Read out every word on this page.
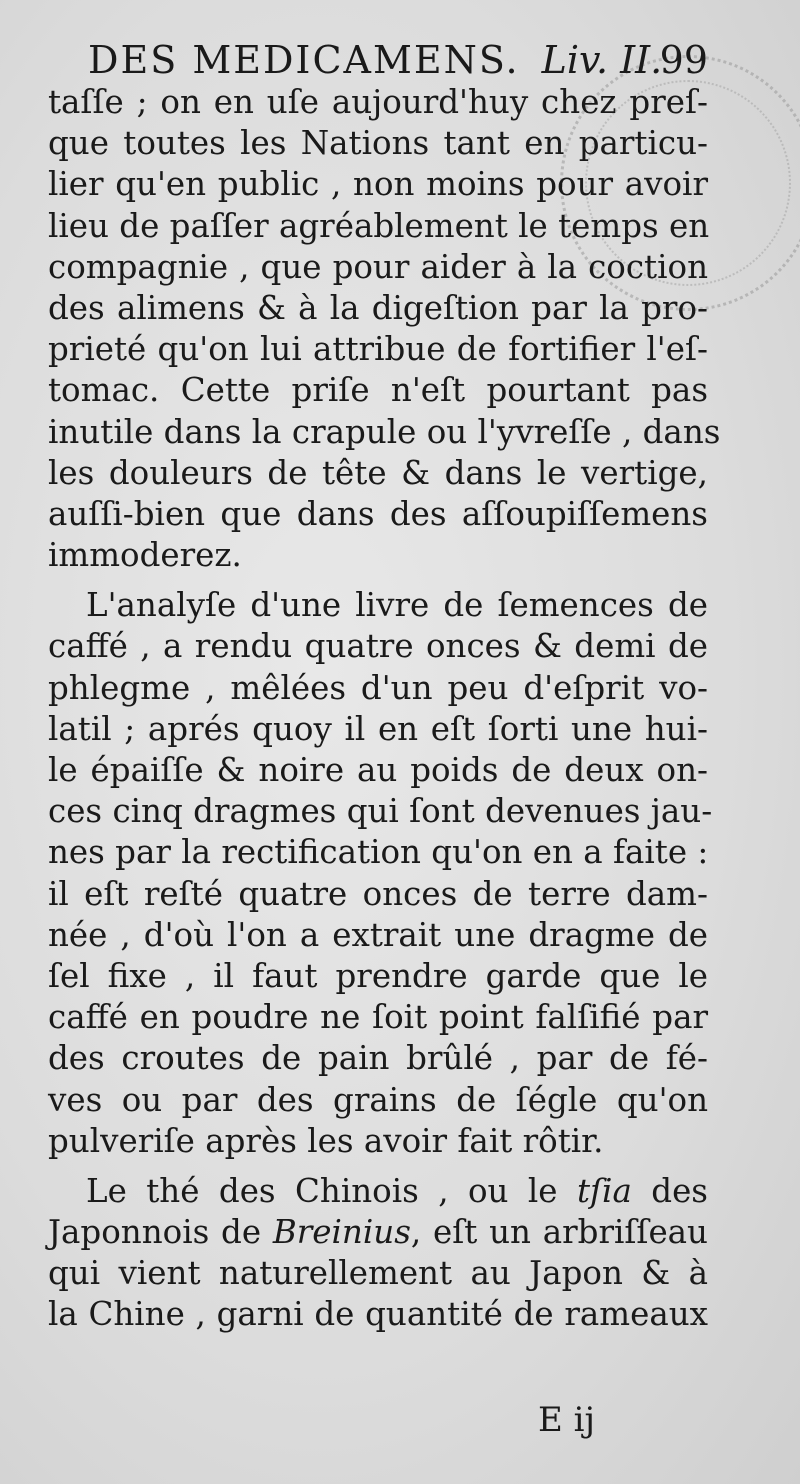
DES MEDICAMENS. Liv. II.
99
taſſe ; on en uſe aujourd'huy chez preſ-
que toutes les Nations tant en particu-
lier qu'en public , non moins pour avoir
lieu de paſſer agréablement le temps en
compagnie , que pour aider à la coction
des alimens & à la digeſtion par la pro-
prieté qu'on lui attribue de fortifier l'eſ-
tomac. Cette priſe n'eſt pourtant pas
inutile dans la crapule ou l'yvreſſe , dans
les douleurs de tête & dans le vertige,
auſſi-bien que dans des aſſoupiſſemens
immoderez.
L'analyſe d'une livre de ſemences de
caffé , a rendu quatre onces & demi de
phlegme , mêlées d'un peu d'eſprit vo-
latil ; aprés quoy il en eſt ſorti une hui-
le épaiſſe & noire au poids de deux on-
ces cinq dragmes qui ſont devenues jau-
nes par la rectification qu'on en a faite :
il eſt reſté quatre onces de terre dam-
née , d'où l'on a extrait une dragme de
ſel fixe , il faut prendre garde que le
caffé en poudre ne ſoit point falſifié par
des croutes de pain brûlé , par de fé-
ves ou par des grains de ſégle qu'on
pulveriſe après les avoir fait rôtir.
Le thé des Chinois , ou le tſia des
Japonnois de Breinius, eſt un arbriſſeau
qui vient naturellement au Japon & à
la Chine , garni de quantité de rameaux
E ij
